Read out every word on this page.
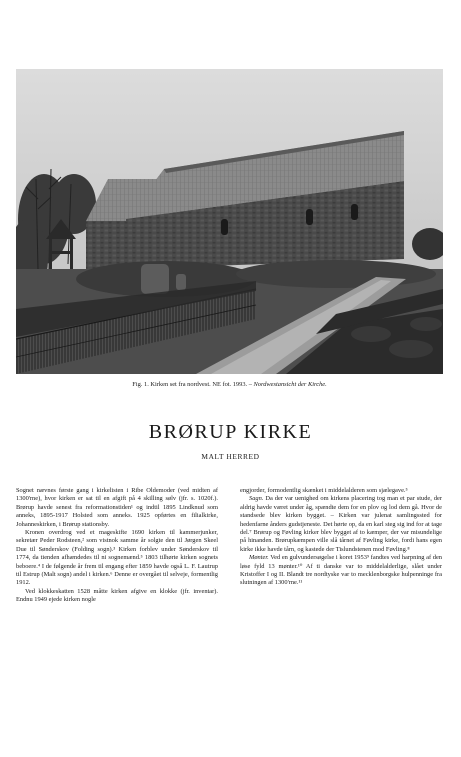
Fig. 1. Kirken set fra nordvest. NE fot. 1993. – Nordwestansicht der Kirche.
BRØRUP KIRKE
MALT HERRED

Sognet nævnes første gang i kirkelisten i Ribe Oldemoder (ved midten af 1300'rne), hvor kirken er sat til en afgift på 4 skilling sølv (jfr. s. 1020f.). Brørup havde senest fra reformationstiden¹ og indtil 1895 Lindknud som anneks, 1895-1917 Holsted som anneks. 1925 opførtes en filialkirke, Johanneskirken, i Brørup stationsby.

Kronen overdrog ved et mageskifte 1690 kirken til kammerjunker, sekretær Peder Rodsteen,² som vistnok samme år solgte den til Jørgen Skeel Due til Sønderskov (Folding sogn).³ Kirken forblev under Sønderskov til 1774, da tienden afhændedes til ni sognemænd.⁵ 1803 tilhørte kirken sognets beboere.⁴ I de følgende år frem til engang efter 1859 havde også L. F. Lautrup til Estrup (Malt sogn) andel i kirken.⁶ Denne er overgået til selveje, formentlig 1912.

Ved klokkeskatten 1528 måtte kirken afgive en klokke (jfr. inventar). Endnu 1949 ejede kirken nogle

engjorder, formodentlig skænket i middelalderen som sjælegave.⁵

Sagn. Da der var uenighed om kirkens placering tog man et par stude, der aldrig havde været under åg, spændte dem for en plov og lod dem gå. Hvor de standsede blev kirken bygget. – Kirken var julenat samlingssted for hedenfarne ånders gudstjeneste. Det hørte op, da en karl steg sig ind for at tage del.⁷ Brørup og Føvling kirker blev bygget af to kæmper, der var misundelige på hinanden. Brørupkæmpen ville slå tårnet af Føvling kirke, fordi hans egen kirke ikke havde tårn, og kastede der Tislundstenen mod Føvling.⁸

Mønter. Ved en gulvundersøgelse i koret 1953⁹ fandtes ved harpning af den løse fyld 13 mønter.¹⁰ Af ti danske var to middelalderlige, slået under Kristoffer I og II. Blandt tre nordtyske var to mecklenborgske hulpenninge fra slutningen af 1300'rne.¹¹
